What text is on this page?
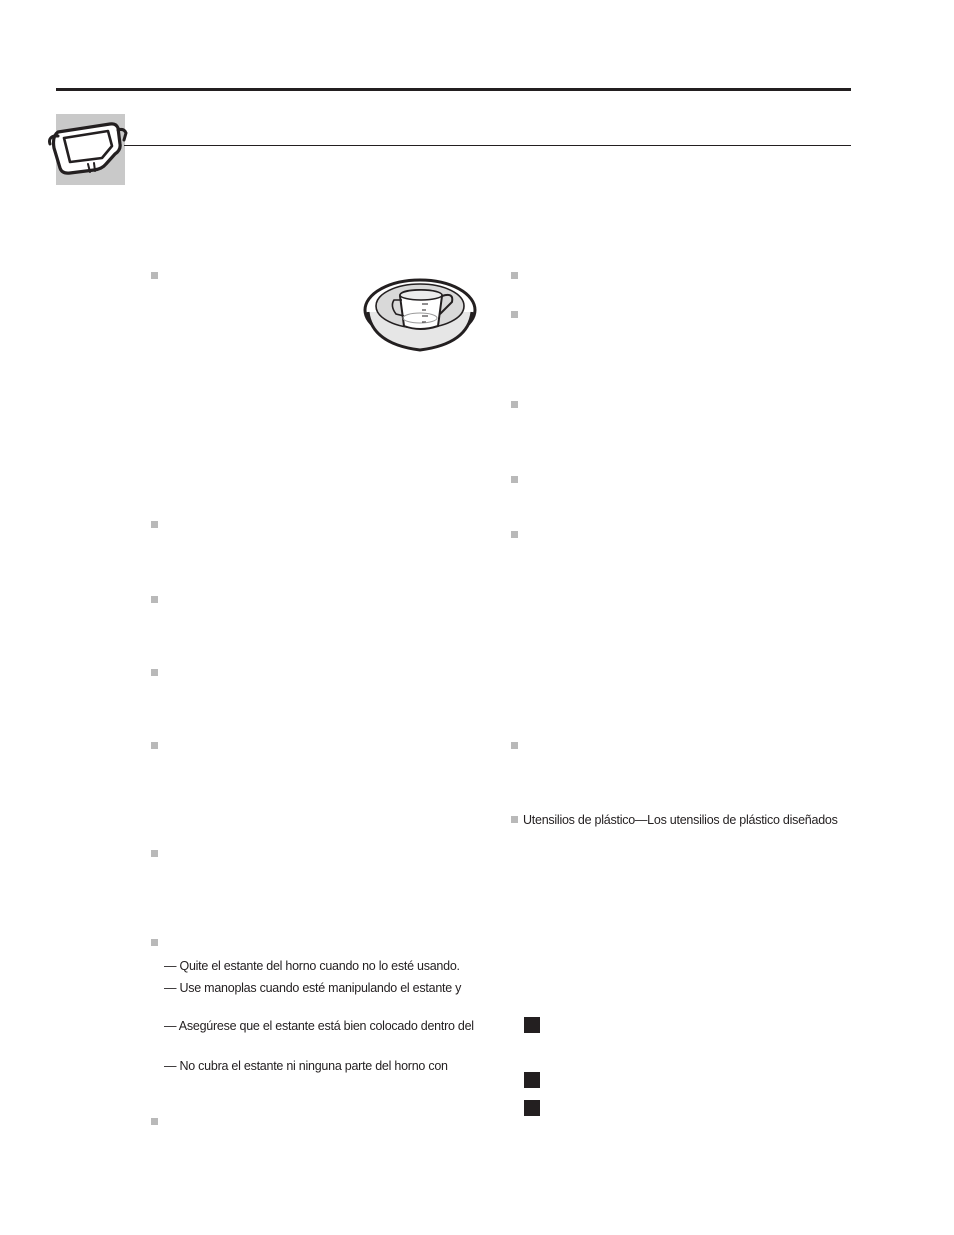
— Quite el estante del horno cuando no lo esté usando.
— Use manoplas cuando esté manipulando el estante y
— Asegúrese que el estante está bien colocado dentro del
— No cubra el estante ni ninguna parte del horno con
Utensilios de plástico—Los utensilios de plástico diseñados
